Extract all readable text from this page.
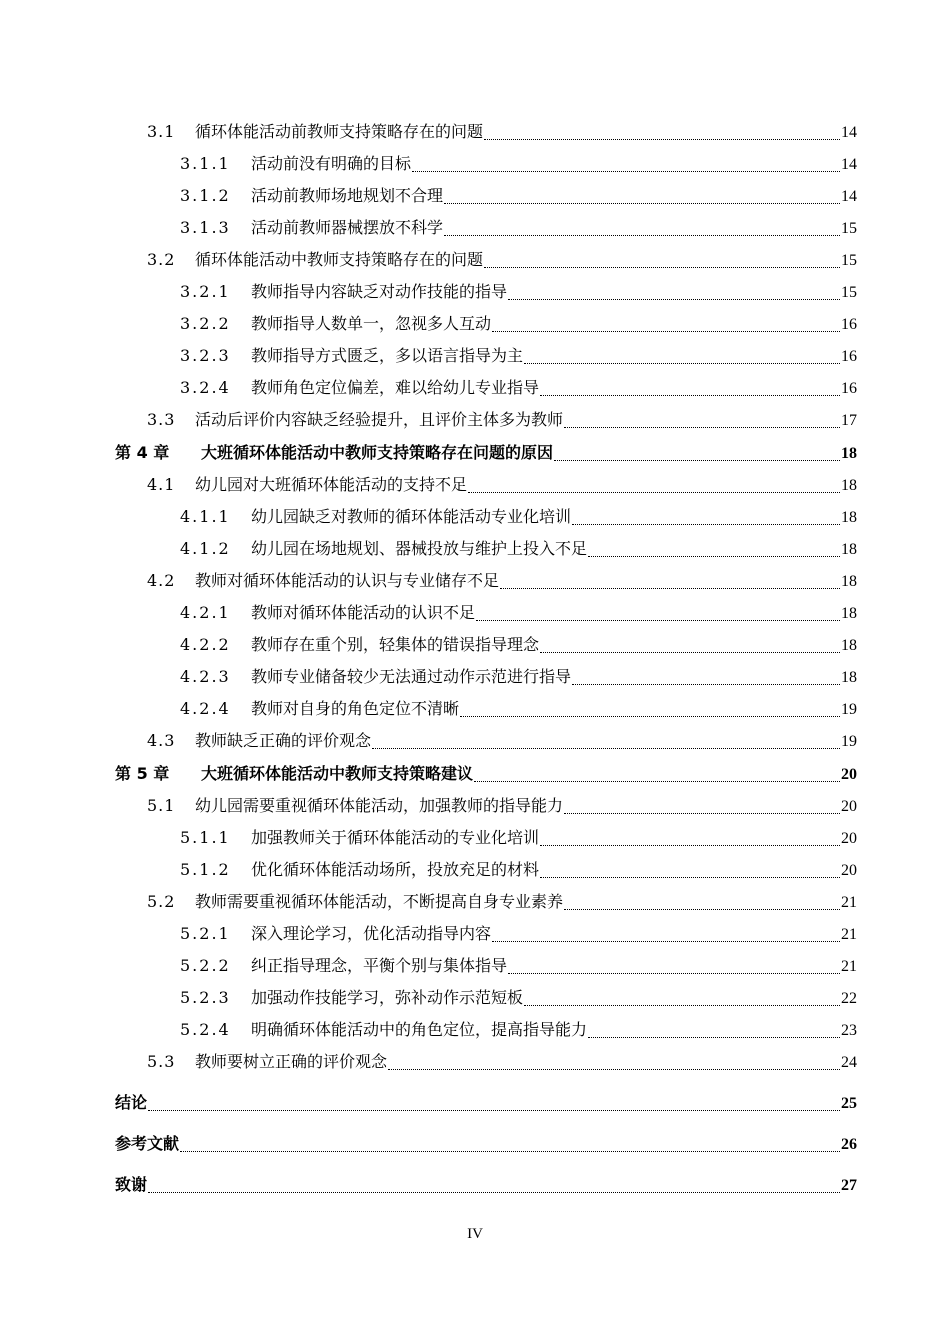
3.1	循环体能活动前教师支持策略存在的问题	14
3.1.1	活动前没有明确的目标	14
3.1.2	活动前教师场地规划不合理	14
3.1.3	活动前教师器械摆放不科学	15
3.2	循环体能活动中教师支持策略存在的问题	15
3.2.1	教师指导内容缺乏对动作技能的指导	15
3.2.2	教师指导人数单一，忽视多人互动	16
3.2.3	教师指导方式匮乏，多以语言指导为主	16
3.2.4	教师角色定位偏差，难以给幼儿专业指导	16
3.3	活动后评价内容缺乏经验提升，且评价主体多为教师	17
第 4 章	大班循环体能活动中教师支持策略存在问题的原因	18
4.1	幼儿园对大班循环体能活动的支持不足	18
4.1.1	幼儿园缺乏对教师的循环体能活动专业化培训	18
4.1.2	幼儿园在场地规划、器械投放与维护上投入不足	18
4.2	教师对循环体能活动的认识与专业储存不足	18
4.2.1	教师对循环体能活动的认识不足	18
4.2.2	教师存在重个别，轻集体的错误指导理念	18
4.2.3	教师专业储备较少无法通过动作示范进行指导	18
4.2.4	教师对自身的角色定位不清晰	19
4.3	教师缺乏正确的评价观念	19
第 5 章	大班循环体能活动中教师支持策略建议	20
5.1	幼儿园需要重视循环体能活动，加强教师的指导能力	20
5.1.1	加强教师关于循环体能活动的专业化培训	20
5.1.2	优化循环体能活动场所，投放充足的材料	20
5.2	教师需要重视循环体能活动，不断提高自身专业素养	21
5.2.1	深入理论学习，优化活动指导内容	21
5.2.2	纠正指导理念，平衡个别与集体指导	21
5.2.3	加强动作技能学习，弥补动作示范短板	22
5.2.4	明确循环体能活动中的角色定位，提高指导能力	23
5.3	教师要树立正确的评价观念	24
结论	25
参考文献	26
致谢	27
IV
